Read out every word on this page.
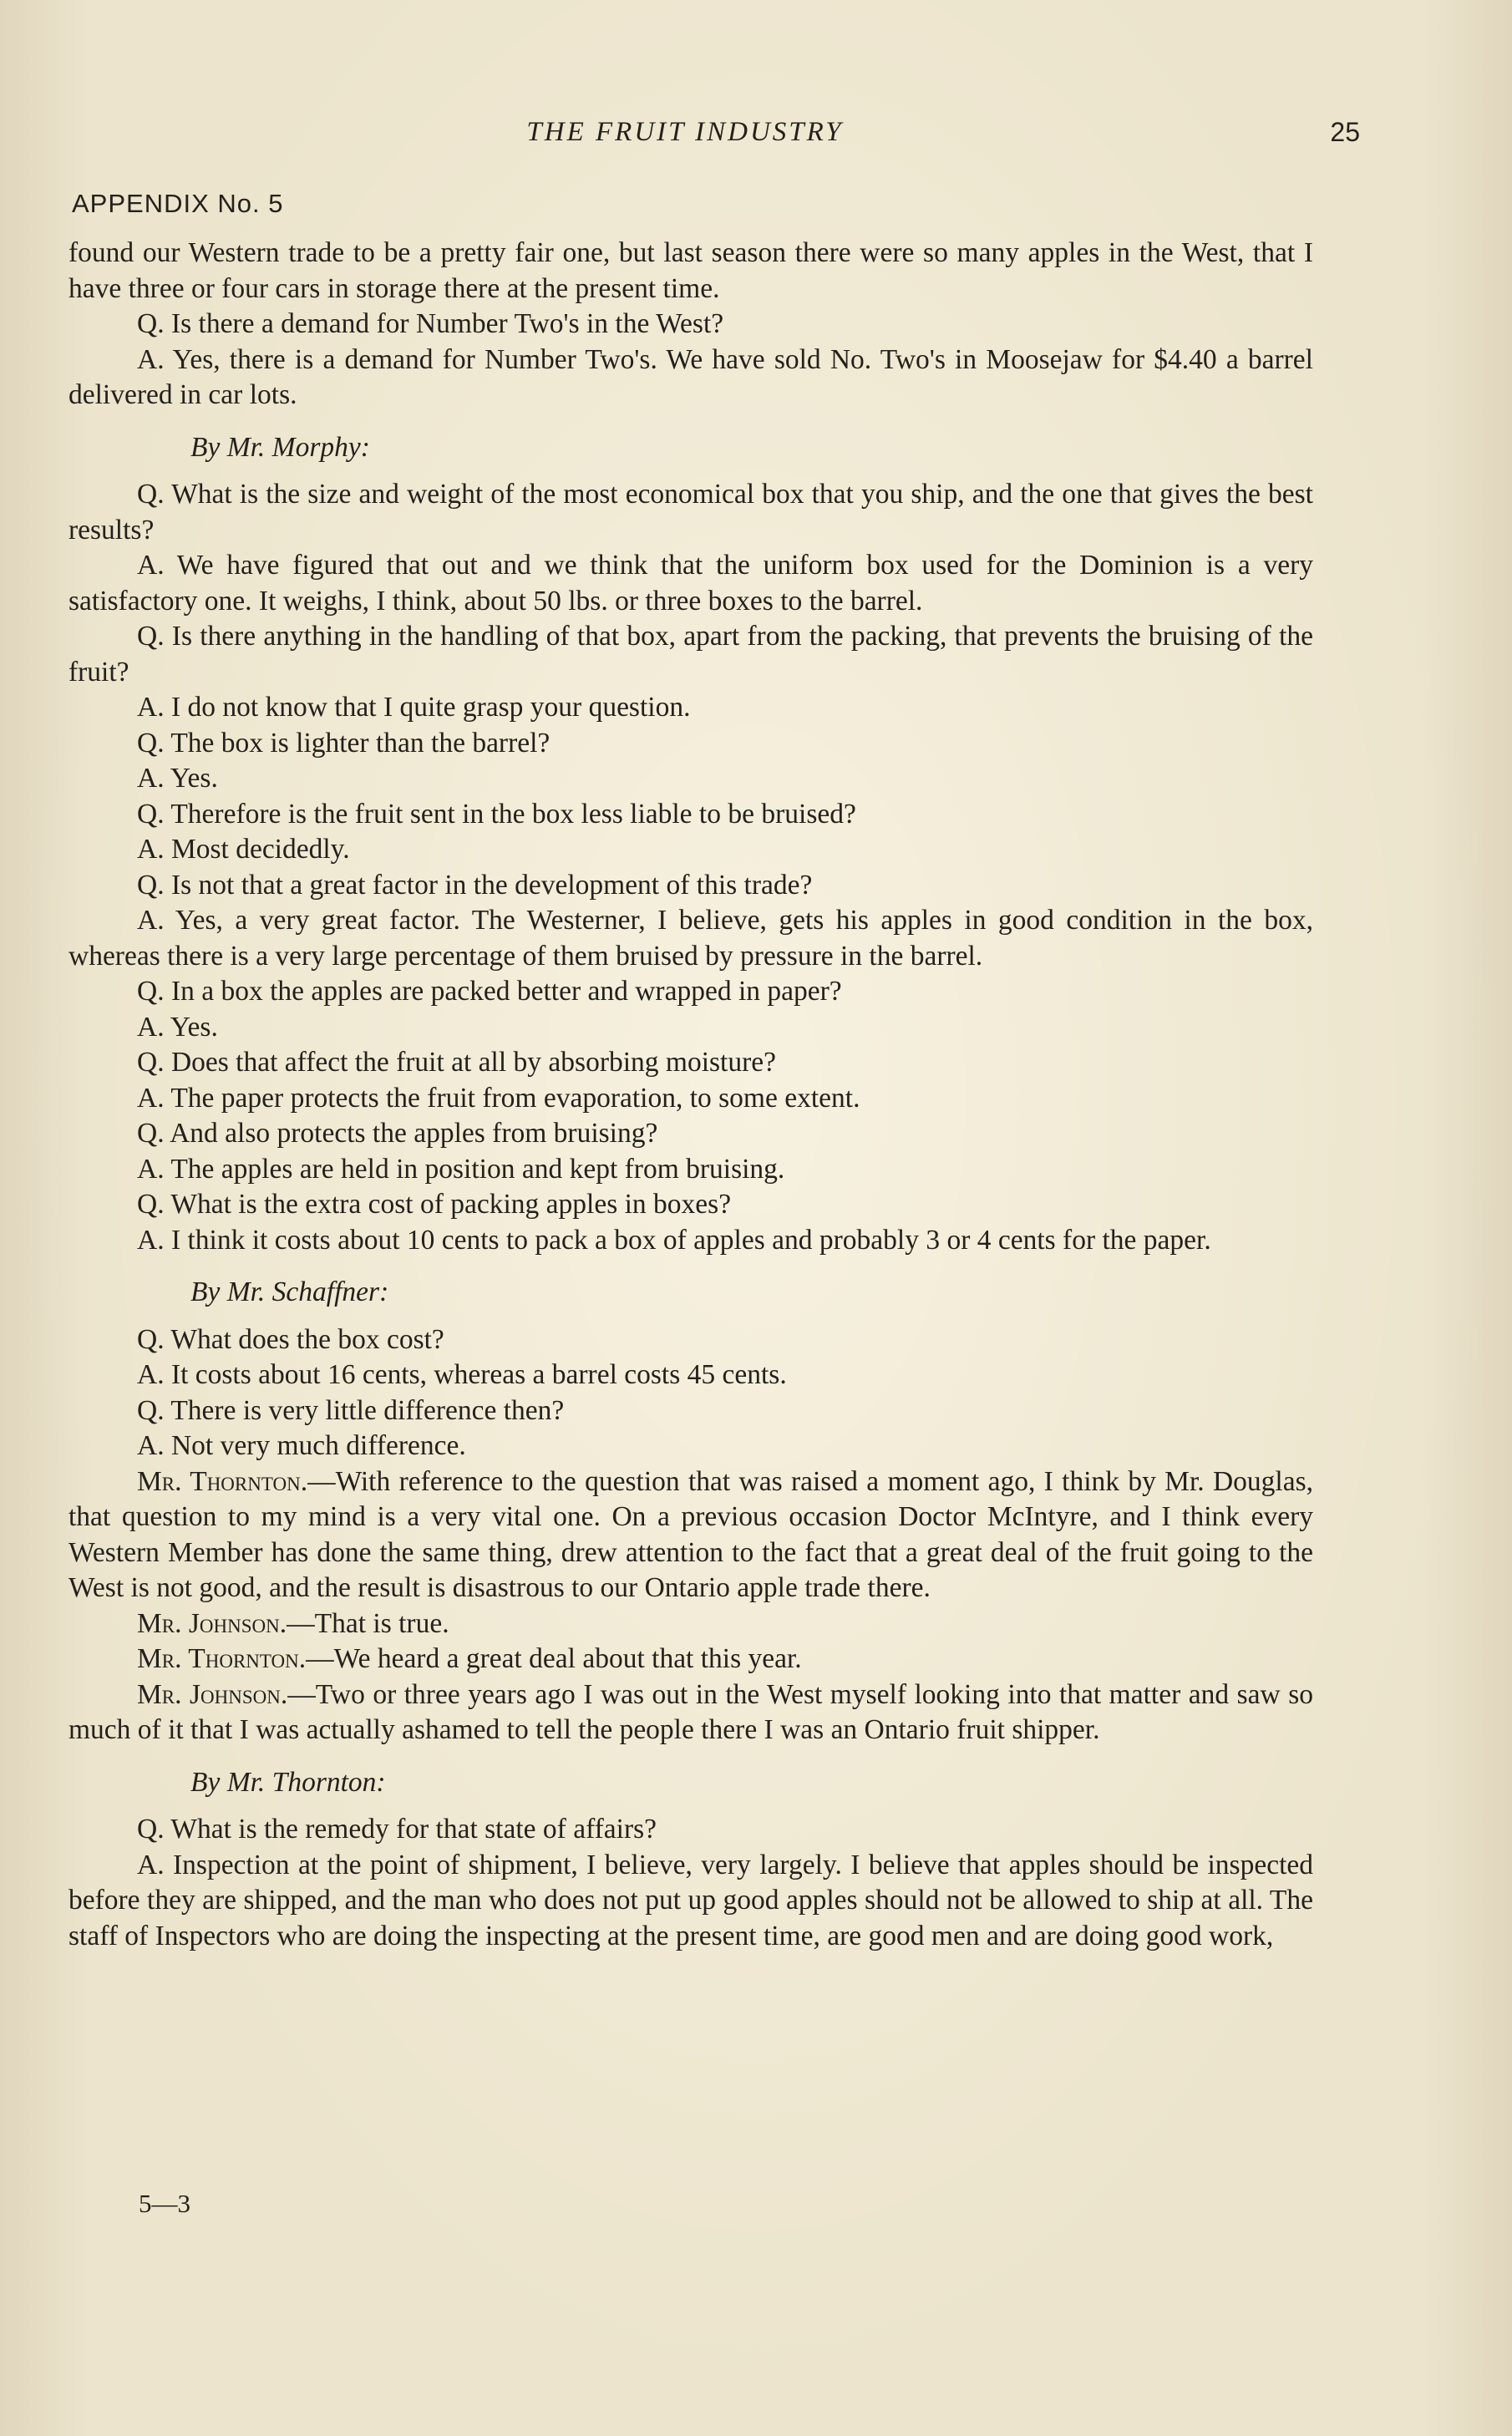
THE FRUIT INDUSTRY	25
APPENDIX No. 5

found our Western trade to be a pretty fair one, but last season there were so many apples in the West, that I have three or four cars in storage there at the present time.

Q. Is there a demand for Number Two's in the West?

A. Yes, there is a demand for Number Two's. We have sold No. Two's in Moosejaw for $4.40 a barrel delivered in car lots.

By Mr. Morphy:

Q. What is the size and weight of the most economical box that you ship, and the one that gives the best results?

A. We have figured that out and we think that the uniform box used for the Dominion is a very satisfactory one. It weighs, I think, about 50 lbs. or three boxes to the barrel.

Q. Is there anything in the handling of that box, apart from the packing, that prevents the bruising of the fruit?

A. I do not know that I quite grasp your question.

Q. The box is lighter than the barrel?

A. Yes.

Q. Therefore is the fruit sent in the box less liable to be bruised?

A. Most decidedly.

Q. Is not that a great factor in the development of this trade?

A. Yes, a very great factor. The Westerner, I believe, gets his apples in good condition in the box, whereas there is a very large percentage of them bruised by pressure in the barrel.

Q. In a box the apples are packed better and wrapped in paper?

A. Yes.

Q. Does that affect the fruit at all by absorbing moisture?

A. The paper protects the fruit from evaporation, to some extent.

Q. And also protects the apples from bruising?

A. The apples are held in position and kept from bruising.

Q. What is the extra cost of packing apples in boxes?

A. I think it costs about 10 cents to pack a box of apples and probably 3 or 4 cents for the paper.

By Mr. Schaffner:

Q. What does the box cost?

A. It costs about 16 cents, whereas a barrel costs 45 cents.

Q. There is very little difference then?

A. Not very much difference.

Mr. Thornton.—With reference to the question that was raised a moment ago, I think by Mr. Douglas, that question to my mind is a very vital one. On a previous occasion Doctor McIntyre, and I think every Western Member has done the same thing, drew attention to the fact that a great deal of the fruit going to the West is not good, and the result is disastrous to our Ontario apple trade there.

Mr. Johnson.—That is true.

Mr. Thornton.—We heard a great deal about that this year.

Mr. Johnson.—Two or three years ago I was out in the West myself looking into that matter and saw so much of it that I was actually ashamed to tell the people there I was an Ontario fruit shipper.

By Mr. Thornton:

Q. What is the remedy for that state of affairs?

A. Inspection at the point of shipment, I believe, very largely. I believe that apples should be inspected before they are shipped, and the man who does not put up good apples should not be allowed to ship at all. The staff of Inspectors who are doing the inspecting at the present time, are good men and are doing good work,

5—3
